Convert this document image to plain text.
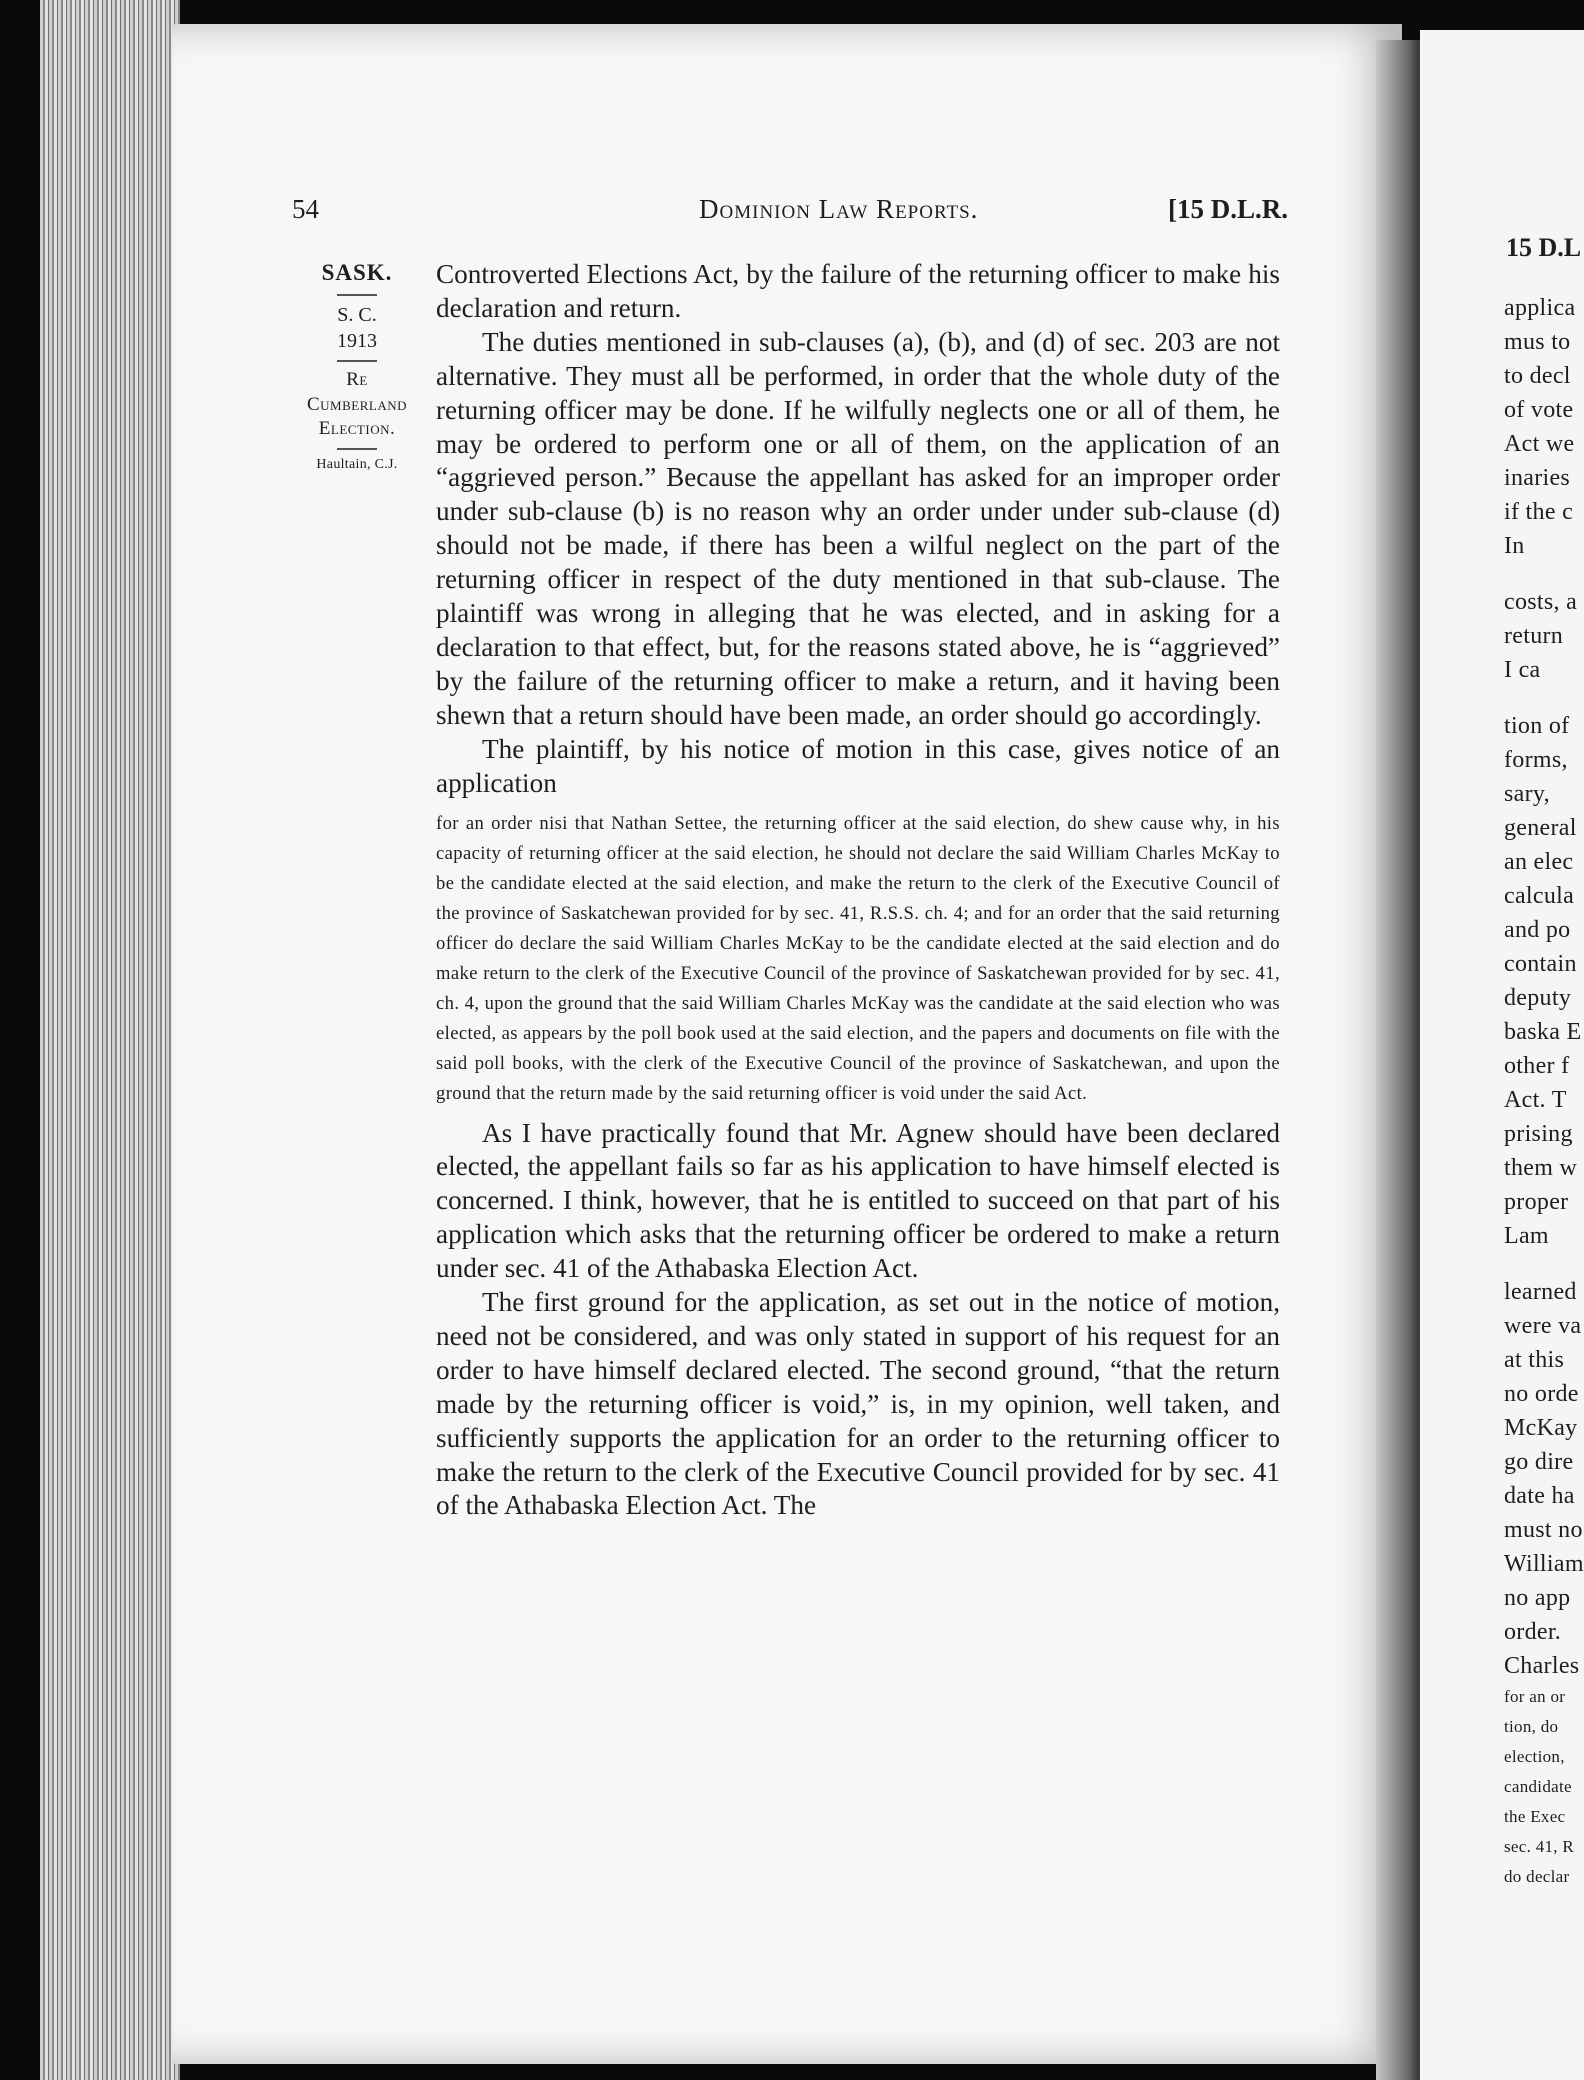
15 D.L
applica
mus to
to decl
of vote
Act we
inaries
if the c
In
costs, a
return
I ca
tion of
forms,
sary,
general
an elec
calcula
and po
contain
deputy
baska E
other f
Act. T
prising
them w
proper
Lam
learned
were va
at this
no orde
McKay
go dire
date ha
must no
William
no app
order.
Charles
for an or
tion, do
election,
candidate
the Exec
sec. 41, R
do declar
54	Dominion Law Reports.	[15 D.L.R.
SASK.
S. C.
1913
Re
Cumberland
Election.
Haultain, C.J.

Controverted Elections Act, by the failure of the returning officer to make his declaration and return.

The duties mentioned in sub-clauses (a), (b), and (d) of sec. 203 are not alternative. They must all be performed, in order that the whole duty of the returning officer may be done. If he wilfully neglects one or all of them, he may be ordered to perform one or all of them, on the application of an “aggrieved person.” Because the appellant has asked for an improper order under sub-clause (b) is no reason why an order under under sub-clause (d) should not be made, if there has been a wilful neglect on the part of the returning officer in respect of the duty mentioned in that sub-clause. The plaintiff was wrong in alleging that he was elected, and in asking for a declaration to that effect, but, for the reasons stated above, he is “aggrieved” by the failure of the returning officer to make a return, and it having been shewn that a return should have been made, an order should go accordingly.

The plaintiff, by his notice of motion in this case, gives notice of an application

for an order nisi that Nathan Settee, the returning officer at the said election, do shew cause why, in his capacity of returning officer at the said election, he should not declare the said William Charles McKay to be the candidate elected at the said election, and make the return to the clerk of the Executive Council of the province of Saskatchewan provided for by sec. 41, R.S.S. ch. 4; and for an order that the said returning officer do declare the said William Charles McKay to be the candidate elected at the said election and do make return to the clerk of the Executive Council of the province of Saskatchewan provided for by sec. 41, ch. 4, upon the ground that the said William Charles McKay was the candidate at the said election who was elected, as appears by the poll book used at the said election, and the papers and documents on file with the said poll books, with the clerk of the Executive Council of the province of Saskatchewan, and upon the ground that the return made by the said returning officer is void under the said Act.

As I have practically found that Mr. Agnew should have been declared elected, the appellant fails so far as his application to have himself elected is concerned. I think, however, that he is entitled to succeed on that part of his application which asks that the returning officer be ordered to make a return under sec. 41 of the Athabaska Election Act.

The first ground for the application, as set out in the notice of motion, need not be considered, and was only stated in support of his request for an order to have himself declared elected. The second ground, “that the return made by the returning officer is void,” is, in my opinion, well taken, and sufficiently supports the application for an order to the returning officer to make the return to the clerk of the Executive Council provided for by sec. 41 of the Athabaska Election Act. The
